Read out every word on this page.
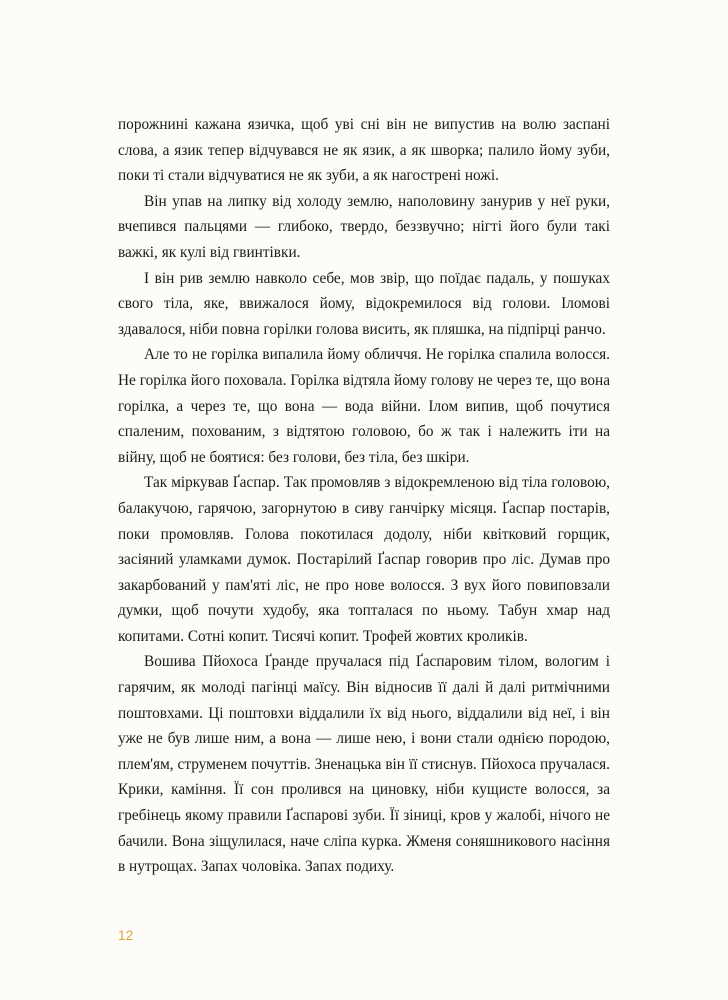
порожнині кажана язичка, щоб уві сні він не випустив на волю заспані слова, а язик тепер відчувався не як язик, а як шворка; палило йому зуби, поки ті стали відчуватися не як зуби, а як нагострені ножі.

Він упав на липку від холоду землю, наполовину занурив у неї руки, вчепився пальцями — глибоко, твердо, беззвучно; нігті його були такі важкі, як кулі від гвинтівки.

І він рив землю навколо себе, мов звір, що поїдає падаль, у пошуках свого тіла, яке, ввижалося йому, відокремилося від голови. Іломові здавалося, ніби повна горілки голова висить, як пляшка, на підпірці ранчо.

Але то не горілка випалила йому обличчя. Не горілка спалила волосся. Не горілка його поховала. Горілка відтяла йому голову не через те, що вона горілка, а через те, що вона — вода війни. Ілом випив, щоб почутися спаленим, похованим, з відтятою головою, бо ж так і належить іти на війну, щоб не боятися: без голови, без тіла, без шкіри.

Так міркував Ґаспар. Так промовляв з відокремленою від тіла головою, балакучою, гарячою, загорнутою в сиву ганчірку місяця. Ґаспар постарів, поки промовляв. Голова покотилася додолу, ніби квітковий горщик, засіяний уламками думок. Постарілий Ґаспар говорив про ліс. Думав про закарбований у пам'яті ліс, не про нове волосся. З вух його повиповзали думки, щоб почути худобу, яка топталася по ньому. Табун хмар над копитами. Сотні копит. Тисячі копит. Трофей жовтих кроликів.

Вошива Пйохоса Ґранде пручалася під Ґаспаровим тілом, вологим і гарячим, як молоді пагінці маїсу. Він відносив її далі й далі ритмічними поштовхами. Ці поштовхи віддалили їх від нього, віддалили від неї, і він уже не був лише ним, а вона — лише нею, і вони стали однією породою, плем'ям, струменем почуттів. Зненацька він її стиснув. Пйохоса пручалася. Крики, каміння. Її сон пролився на циновку, ніби кущисте волосся, за гребінець якому правили Ґаспарові зуби. Її зіниці, кров у жалобі, нічого не бачили. Вона зіщулилася, наче сліпа курка. Жменя соняшникового насіння в нутрощах. Запах чоловіка. Запах подиху.

12
